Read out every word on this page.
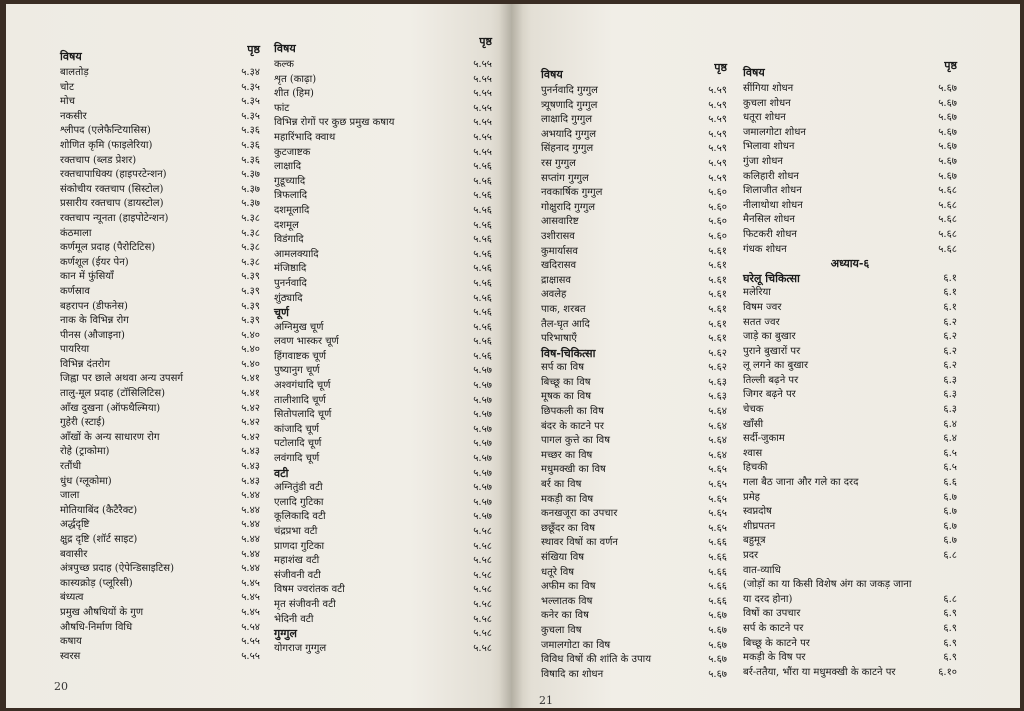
विषय
पृष्ठ
बालतोड़	५.३४
चोट	५.३५
मोच	५.३५
नकसीर	५.३५
श्लीपद (एलेफैन्टियासिस)	५.३६
शोणित कृमि (फाइलेरिया)	५.३६
रक्तचाप (ब्लड प्रेशर)	५.३६
रक्तचापाधिक्य (हाइपरटेन्शन)	५.३७
संकोचीय रक्तचाप (सिस्टोल)	५.३७
प्रसारीय रक्तचाप (डायस्टोल)	५.३७
रक्तचाप न्यूनता (हाइपोटेन्शन)	५.३८
कंठमाला	५.३८
कर्णमूल प्रदाह (पैरोटिटिस)	५.३८
कर्णशूल (ईयर पेन)	५.३८
कान में फुंसियाँ	५.३९
कर्णस्राव	५.३९
बहरापन (डीफनेस)	५.३९
नाक के विभिन्न रोग	५.३९
पीनस (औजाइना)	५.४०
पायरिया	५.४०
विभिन्न दंतरोग	५.४०
जिह्वा पर छाले अथवा अन्य उपसर्ग	५.४१
तालु-मूल प्रदाह (टॉसिलिटिस)	५.४१
आँख दुखना (ऑफथैल्मिया)	५.४२
गुहेरी (स्टाई)	५.४२
आँखों के अन्य साधारण रोग	५.४२
रोहे (ट्राकोमा)	५.४३
रतौंधी	५.४३
धुंध (ग्लूकोमा)	५.४३
जाला	५.४४
मोतियाबिंद (कैटैरैक्ट)	५.४४
अर्द्धदृष्टि	५.४४
क्षुद्र दृष्टि (शॉर्ट साइट)	५.४४
बवासीर	५.४४
अंत्रपुच्छ प्रदाह (ऐपेन्डिसाइटिस)	५.४४
कास्यक्रोड़ (प्लूरिसी)	५.४५
बंध्यत्व	५.४५
प्रमुख औषधियों के गुण	५.४५
औषधि-निर्माण विधि	५.५४
कषाय	५.५५
स्वरस	५.५५
विषय
पृष्ठ
कल्क	५.५५
शृत (काढ़ा)	५.५५
शीत (हिम)	५.५५
फांट	५.५५
विभिन्न रोगों पर कुछ प्रमुख कषाय	५.५५
महारिंभादि क्वाथ	५.५५
कुटजाष्टक	५.५५
लाक्षादि	५.५६
गुडूच्यादि	५.५६
त्रिफलादि	५.५६
दशमूलादि	५.५६
दशमूल	५.५६
विडंगादि	५.५६
आमलक्यादि	५.५६
मंजिष्ठादि	५.५६
पुनर्नवादि	५.५६
शुंठ्यादि	५.५६
चूर्ण	५.५६
अग्निमुख चूर्ण	५.५६
लवण भास्कर चूर्ण	५.५६
हिंगवाष्टक चूर्ण	५.५६
पुष्यानुग चूर्ण	५.५७
अश्वगंधादि चूर्ण	५.५७
तालीशादि चूर्ण	५.५७
सितोपलादि चूर्ण	५.५७
कांजादि चूर्ण	५.५७
पटोलादि चूर्ण	५.५७
लवंगादि चूर्ण	५.५७
वटी	५.५७
अग्नितुंडी वटी	५.५७
एलादि गुटिका	५.५७
कूलिकादि वटी	५.५७
चंद्रप्रभा वटी	५.५८
प्राणदा गुटिका	५.५८
महाशंख वटी	५.५८
संजीवनी वटी	५.५८
विषम ज्वरांतक वटी	५.५८
मृत संजीवनी वटी	५.५८
भेदिनी वटी	५.५८
गुग्गुल	५.५८
योगराज गुग्गुल	५.५८
20
विषय
पृष्ठ
पुनर्नवादि गुग्गुल	५.५९
त्र्यूषणादि गुग्गुल	५.५९
लाक्षादि गुग्गुल	५.५९
अभयादि गुग्गुल	५.५९
सिंहनाद गुग्गुल	५.५९
रस गुग्गुल	५.५९
सप्तांग गुग्गुल	५.५९
नवकार्षिक गुग्गुल	५.६०
गोक्षुरादि गुग्गुल	५.६०
आसवारिष्ट	५.६०
उशीरासव	५.६०
कुमार्यासव	५.६१
खदिरासव	५.६१
द्राक्षासव	५.६१
अवलेह	५.६१
पाक, शरबत	५.६१
तैल-घृत आदि	५.६१
परिभाषाएँ	५.६१
विष-चिकित्सा	५.६२
सर्प का विष	५.६२
बिच्छू का विष	५.६३
मूषक का विष	५.६३
छिपकली का विष	५.६४
बंदर के काटने पर	५.६४
पागल कुत्ते का विष	५.६४
मच्छर का विष	५.६४
मधुमक्खी का विष	५.६५
बर्र का विष	५.६५
मकड़ी का विष	५.६५
कनखजूरा का उपचार	५.६५
छछूँदर का विष	५.६५
स्थावर विषों का वर्णन	५.६६
संखिया विष	५.६६
धतूरे विष	५.६६
अफीम का विष	५.६६
भल्लातक विष	५.६६
कनेर का विष	५.६७
कुचला विष	५.६७
जमालगोटा का विष	५.६७
विविध विषों की शांति के उपाय	५.६७
विषादि का शोधन	५.६७
विषय
पृष्ठ
सींगिया शोधन	५.६७
कुचला शोधन	५.६७
धतूरा शोधन	५.६७
जमालगोटा शोधन	५.६७
भिलावा शोधन	५.६७
गुंजा शोधन	५.६७
कलिहारी शोधन	५.६७
शिलाजीत शोधन	५.६८
नीलाथोथा शोधन	५.६८
मैनसिल शोधन	५.६८
फिटकरी शोधन	५.६८
गंधक शोधन	५.६८
अध्याय-६
घरेलू चिकित्सा	६.१
मलेरिया	६.१
विषम ज्वर	६.१
सतत ज्वर	६.२
जाड़े का बुखार	६.२
पुराने बुखारों पर	६.२
लू लगने का बुखार	६.२
तिल्ली बढ़ने पर	६.३
जिगर बढ़ने पर	६.३
चेचक	६.३
खाँसी	६.४
सर्दी-जुकाम	६.४
श्वास	६.५
हिचकी	६.५
गला बैठ जाना और गले का दरद	६.६
प्रमेह	६.७
स्वप्नदोष	६.७
शीघ्रपतन	६.७
बहुमूत्र	६.७
प्रदर	६.८
वात-व्याधि
(जोड़ों का या किसी विशेष अंग का जकड़ जाना
या दरद होना)	६.८
विषों का उपचार	६.९
सर्प के काटने पर	६.९
बिच्छू के काटने पर	६.९
मकड़ी के विष पर	६.९
बर्र-ततैया, भौंरा या मधुमक्खी के काटने पर	६.१०
21
